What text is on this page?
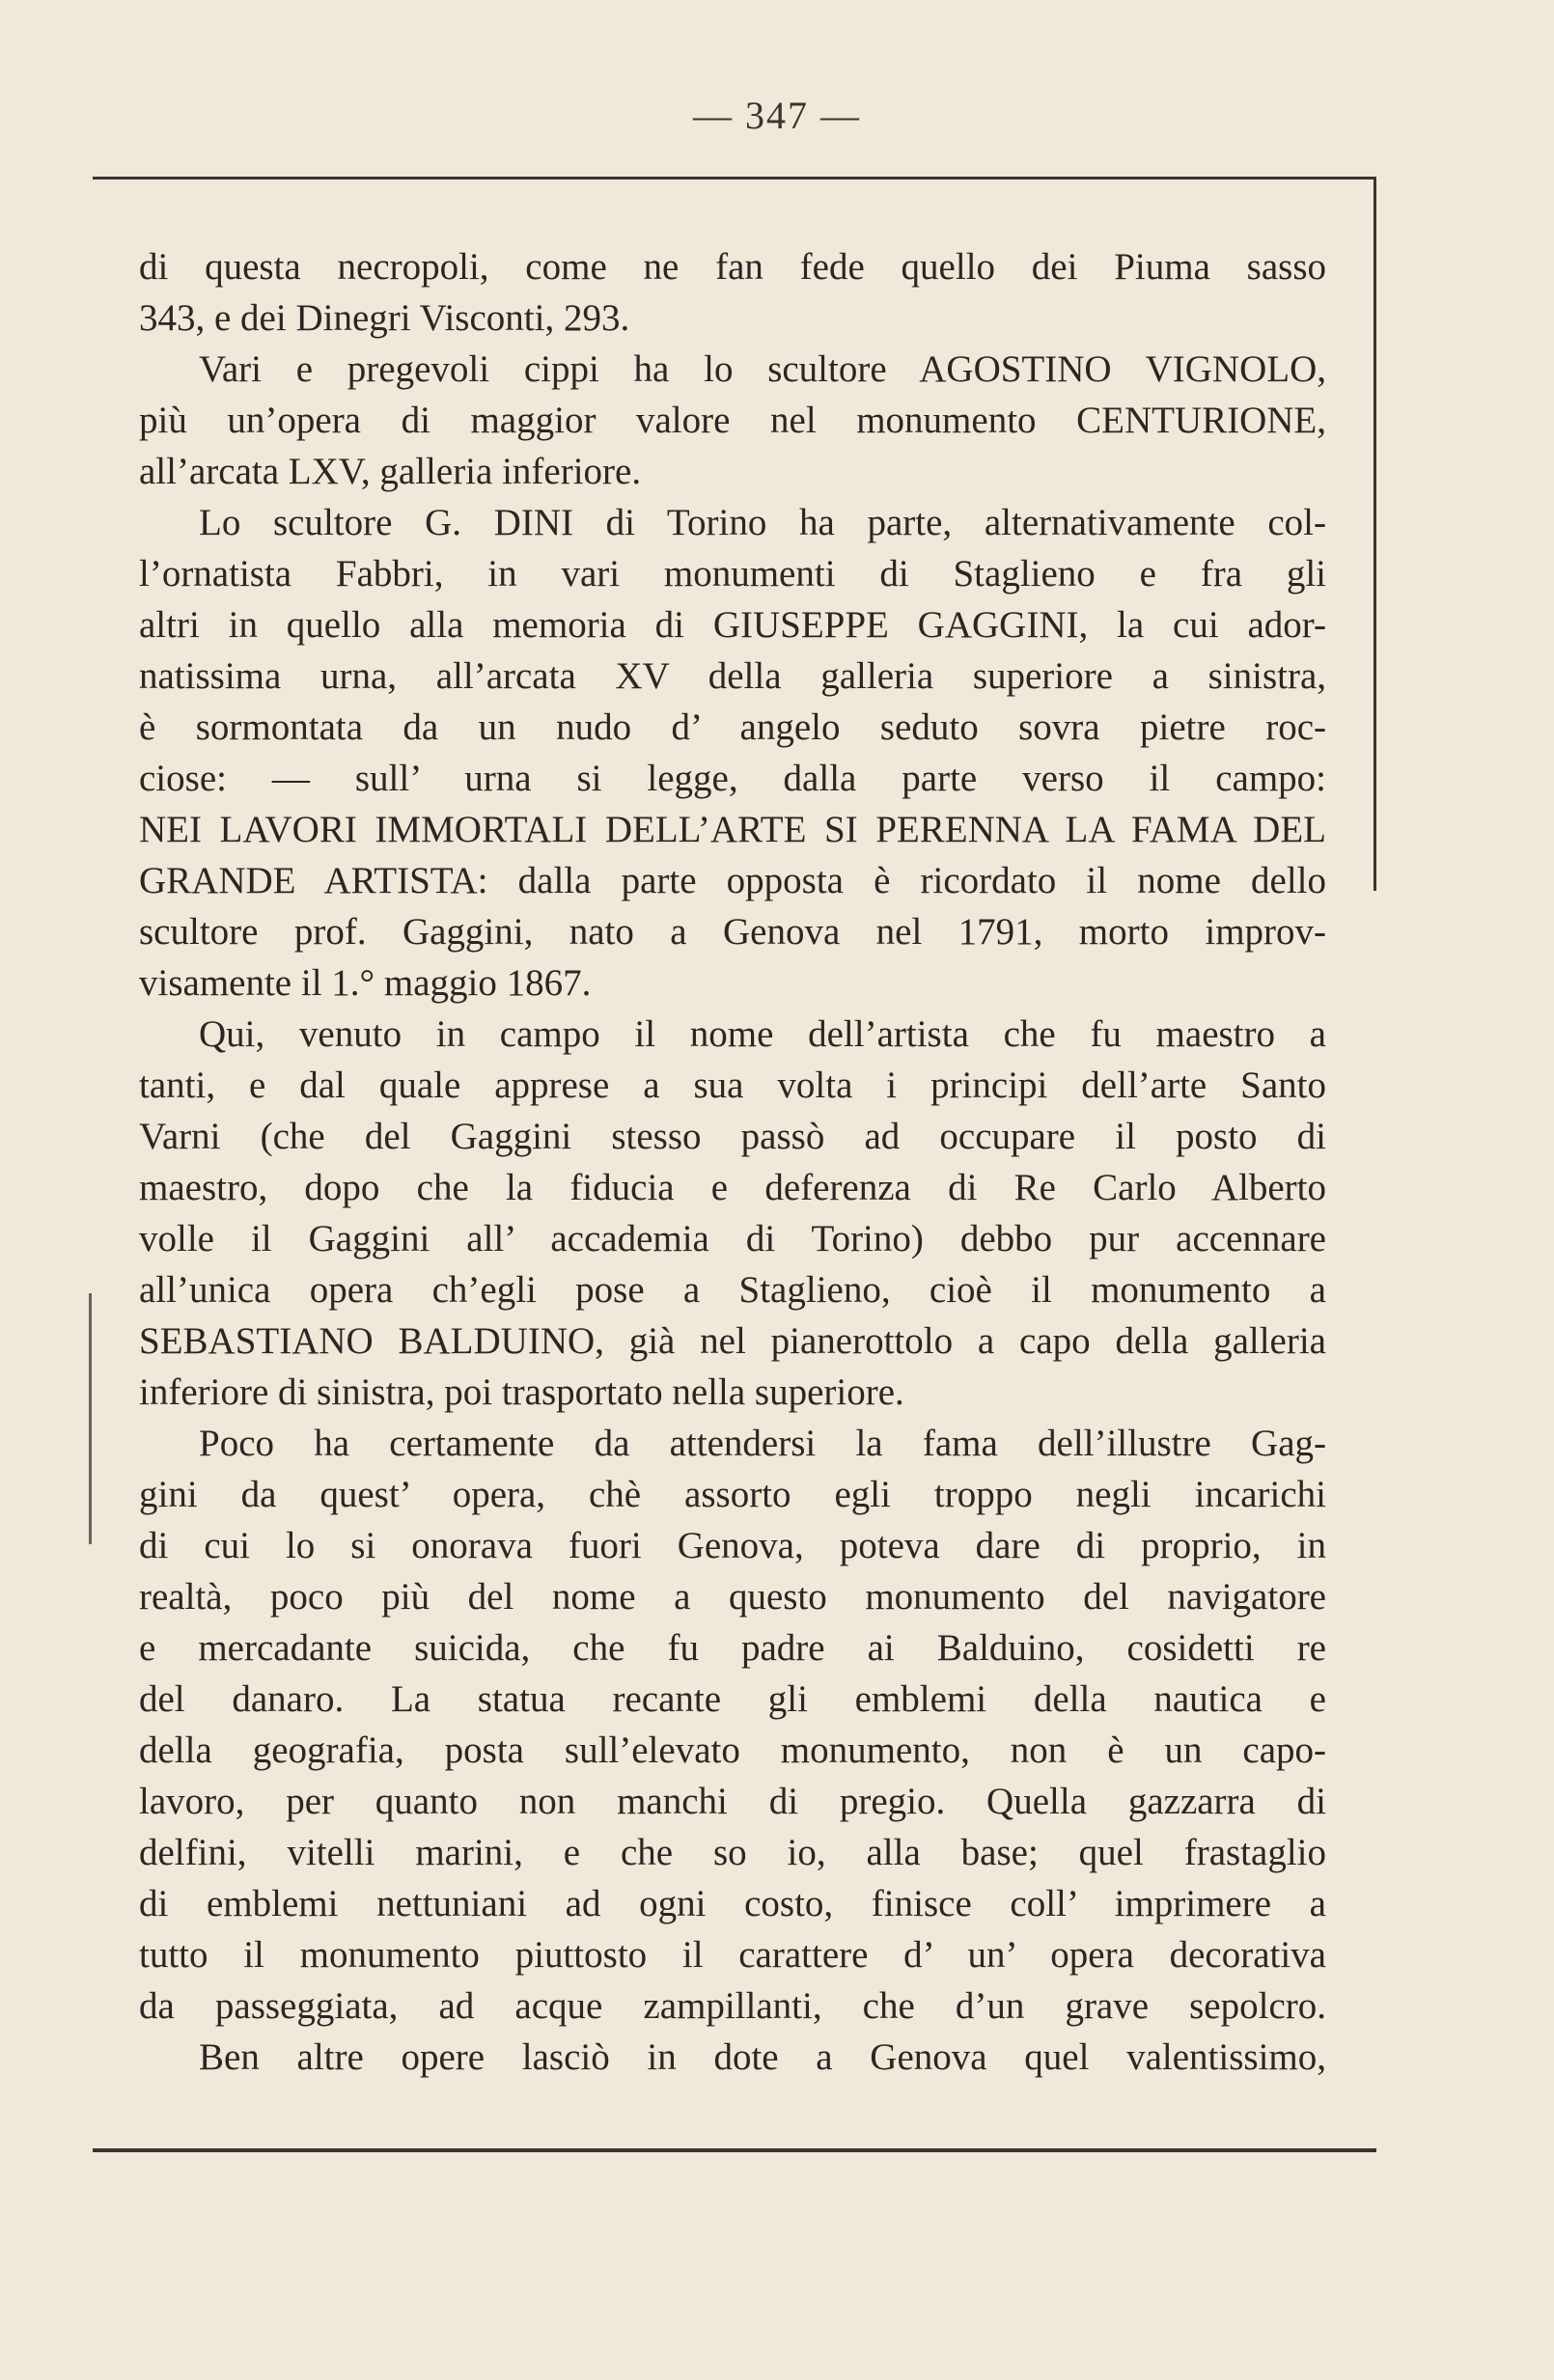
— 347 —
di questa necropoli, come ne fan fede quello dei Piuma sasso
343, e dei Dinegri Visconti, 293.
Vari e pregevoli cippi ha lo scultore AGOSTINO VIGNOLO,
più un’opera di maggior valore nel monumento CENTURIONE,
all’arcata LXV, galleria inferiore.
Lo scultore G. DINI di Torino ha parte, alternativamente col-
l’ornatista Fabbri, in vari monumenti di Staglieno e fra gli
altri in quello alla memoria di GIUSEPPE GAGGINI, la cui ador-
natissima urna, all’arcata XV della galleria superiore a sinistra,
è sormontata da un nudo d’ angelo seduto sovra pietre roc-
ciose: — sull’ urna si legge, dalla parte verso il campo:
NEI LAVORI IMMORTALI DELL’ARTE SI PERENNA LA FAMA DEL
GRANDE ARTISTA: dalla parte opposta è ricordato il nome dello
scultore prof. Gaggini, nato a Genova nel 1791, morto improv-
visamente il 1.° maggio 1867.
Qui, venuto in campo il nome dell’artista che fu maestro a
tanti, e dal quale apprese a sua volta i principi dell’arte Santo
Varni (che del Gaggini stesso passò ad occupare il posto di
maestro, dopo che la fiducia e deferenza di Re Carlo Alberto
volle il Gaggini all’ accademia di Torino) debbo pur accennare
all’unica opera ch’egli pose a Staglieno, cioè il monumento a
SEBASTIANO BALDUINO, già nel pianerottolo a capo della galleria
inferiore di sinistra, poi trasportato nella superiore.
Poco ha certamente da attendersi la fama dell’illustre Gag-
gini da quest’ opera, chè assorto egli troppo negli incarichi
di cui lo si onorava fuori Genova, poteva dare di proprio, in
realtà, poco più del nome a questo monumento del navigatore
e mercadante suicida, che fu padre ai Balduino, cosidetti re
del danaro. La statua recante gli emblemi della nautica e
della geografia, posta sull’elevato monumento, non è un capo-
lavoro, per quanto non manchi di pregio. Quella gazzarra di
delfini, vitelli marini, e che so io, alla base; quel frastaglio
di emblemi nettuniani ad ogni costo, finisce coll’ imprimere a
tutto il monumento piuttosto il carattere d’ un’ opera decorativa
da passeggiata, ad acque zampillanti, che d’un grave sepolcro.
Ben altre opere lasciò in dote a Genova quel valentissimo,
